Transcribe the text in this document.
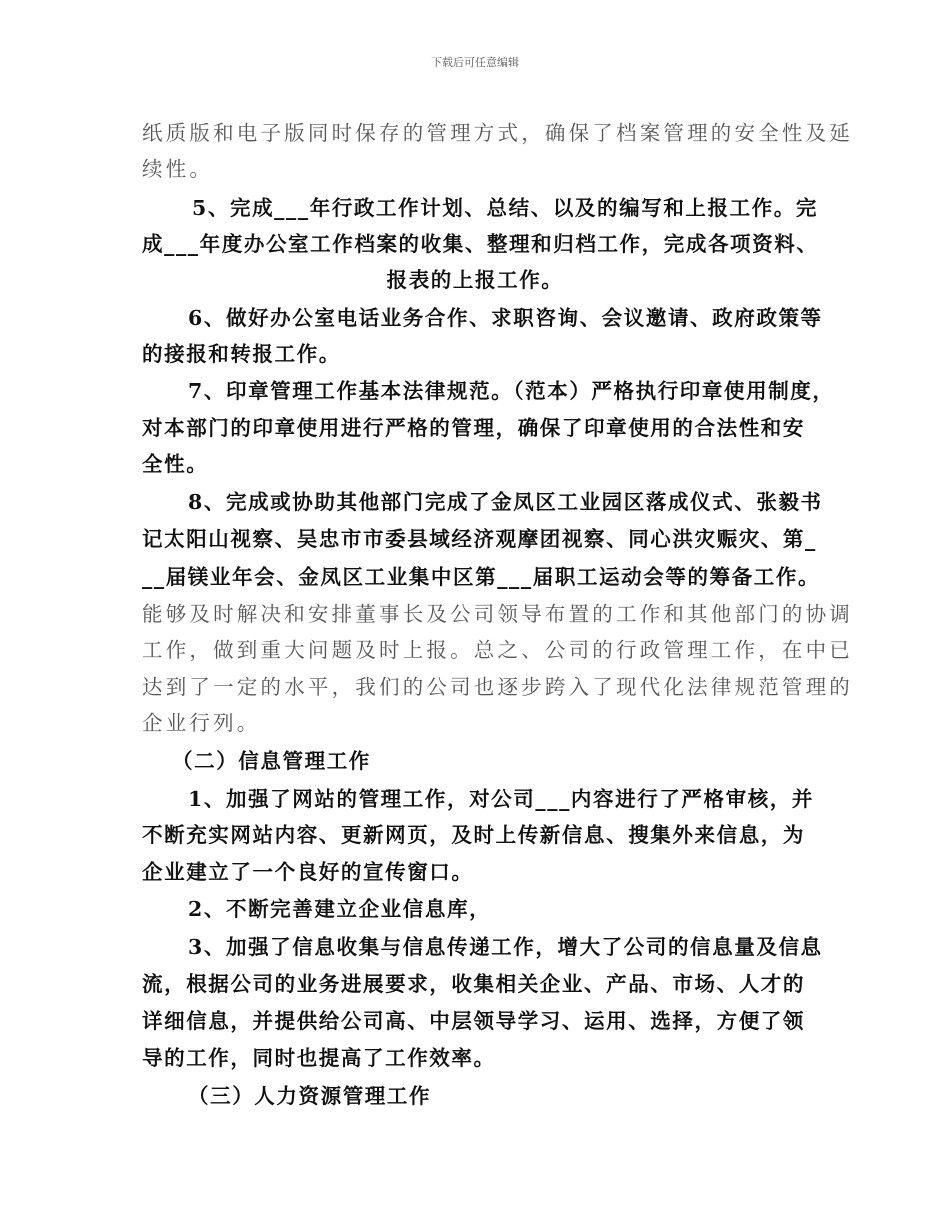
下载后可任意编辑
纸质版和电子版同时保存的管理方式，确保了档案管理的安全性及延
续性。
5、完成___年行政工作计划、总结、以及的编写和上报工作。完
成___年度办公室工作档案的收集、整理和归档工作，完成各项资料、
报表的上报工作。
6、做好办公室电话业务合作、求职咨询、会议邀请、政府政策等
的接报和转报工作。
7、印章管理工作基本法律规范。（范本）严格执行印章使用制度，
对本部门的印章使用进行严格的管理，确保了印章使用的合法性和安
全性。
8、完成或协助其他部门完成了金凤区工业园区落成仪式、张毅书
记太阳山视察、吴忠市市委县域经济观摩团视察、同心洪灾赈灾、第_
__届镁业年会、金凤区工业集中区第___届职工运动会等的筹备工作。
能够及时解决和安排董事长及公司领导布置的工作和其他部门的协调
工作，做到重大问题及时上报。总之、公司的行政管理工作，在中已
达到了一定的水平，我们的公司也逐步跨入了现代化法律规范管理的
企业行列。
（二）信息管理工作
1、加强了网站的管理工作，对公司___内容进行了严格审核，并
不断充实网站内容、更新网页，及时上传新信息、搜集外来信息，为
企业建立了一个良好的宣传窗口。
2、不断完善建立企业信息库，
3、加强了信息收集与信息传递工作，增大了公司的信息量及信息
流，根据公司的业务进展要求，收集相关企业、产品、市场、人才的
详细信息，并提供给公司高、中层领导学习、运用、选择，方便了领
导的工作，同时也提高了工作效率。
（三）人力资源管理工作
